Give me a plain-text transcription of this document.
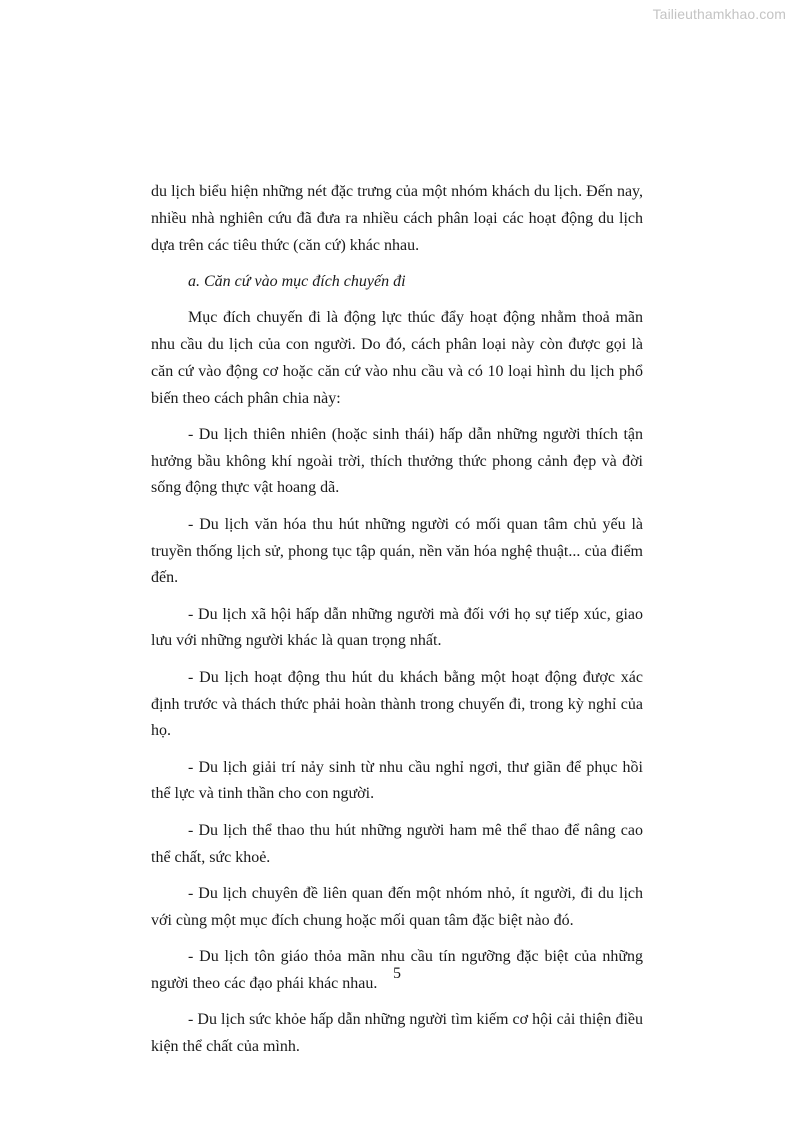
Tailieuthamkhao.com

du lịch biểu hiện những nét đặc trưng của một nhóm khách du lịch. Đến nay, nhiều nhà nghiên cứu đã đưa ra nhiều cách phân loại các hoạt động du lịch dựa trên các tiêu thức (căn cứ) khác nhau.

a. Căn cứ vào mục đích chuyến đi

Mục đích chuyến đi là động lực thúc đẩy hoạt động nhằm thoả mãn nhu cầu du lịch của con người. Do đó, cách phân loại này còn được gọi là căn cứ vào động cơ hoặc căn cứ vào nhu cầu và có 10 loại hình du lịch phổ biến theo cách phân chia này:

- Du lịch thiên nhiên (hoặc sinh thái) hấp dẫn những người thích tận hưởng bầu không khí ngoài trời, thích thưởng thức phong cảnh đẹp và đời sống động thực vật hoang dã.

- Du lịch văn hóa thu hút những người có mối quan tâm chủ yếu là truyền thống lịch sử, phong tục tập quán, nền văn hóa nghệ thuật... của điểm đến.

- Du lịch xã hội hấp dẫn những người mà đối với họ sự tiếp xúc, giao lưu với những người khác là quan trọng nhất.

- Du lịch hoạt động thu hút du khách bằng một hoạt động được xác định trước và thách thức phải hoàn thành trong chuyến đi, trong kỳ nghỉ của họ.

- Du lịch giải trí nảy sinh từ nhu cầu nghỉ ngơi, thư giãn để phục hồi thể lực và tinh thần cho con người.

- Du lịch thể thao thu hút những người ham mê thể thao để nâng cao thể chất, sức khoẻ.

- Du lịch chuyên đề liên quan đến một nhóm nhỏ, ít người, đi du lịch với cùng một mục đích chung hoặc mối quan tâm đặc biệt nào đó.

- Du lịch tôn giáo thỏa mãn nhu cầu tín ngưỡng đặc biệt của những người theo các đạo phái khác nhau.

- Du lịch sức khỏe hấp dẫn những người tìm kiếm cơ hội cải thiện điều kiện thể chất của mình.

5
